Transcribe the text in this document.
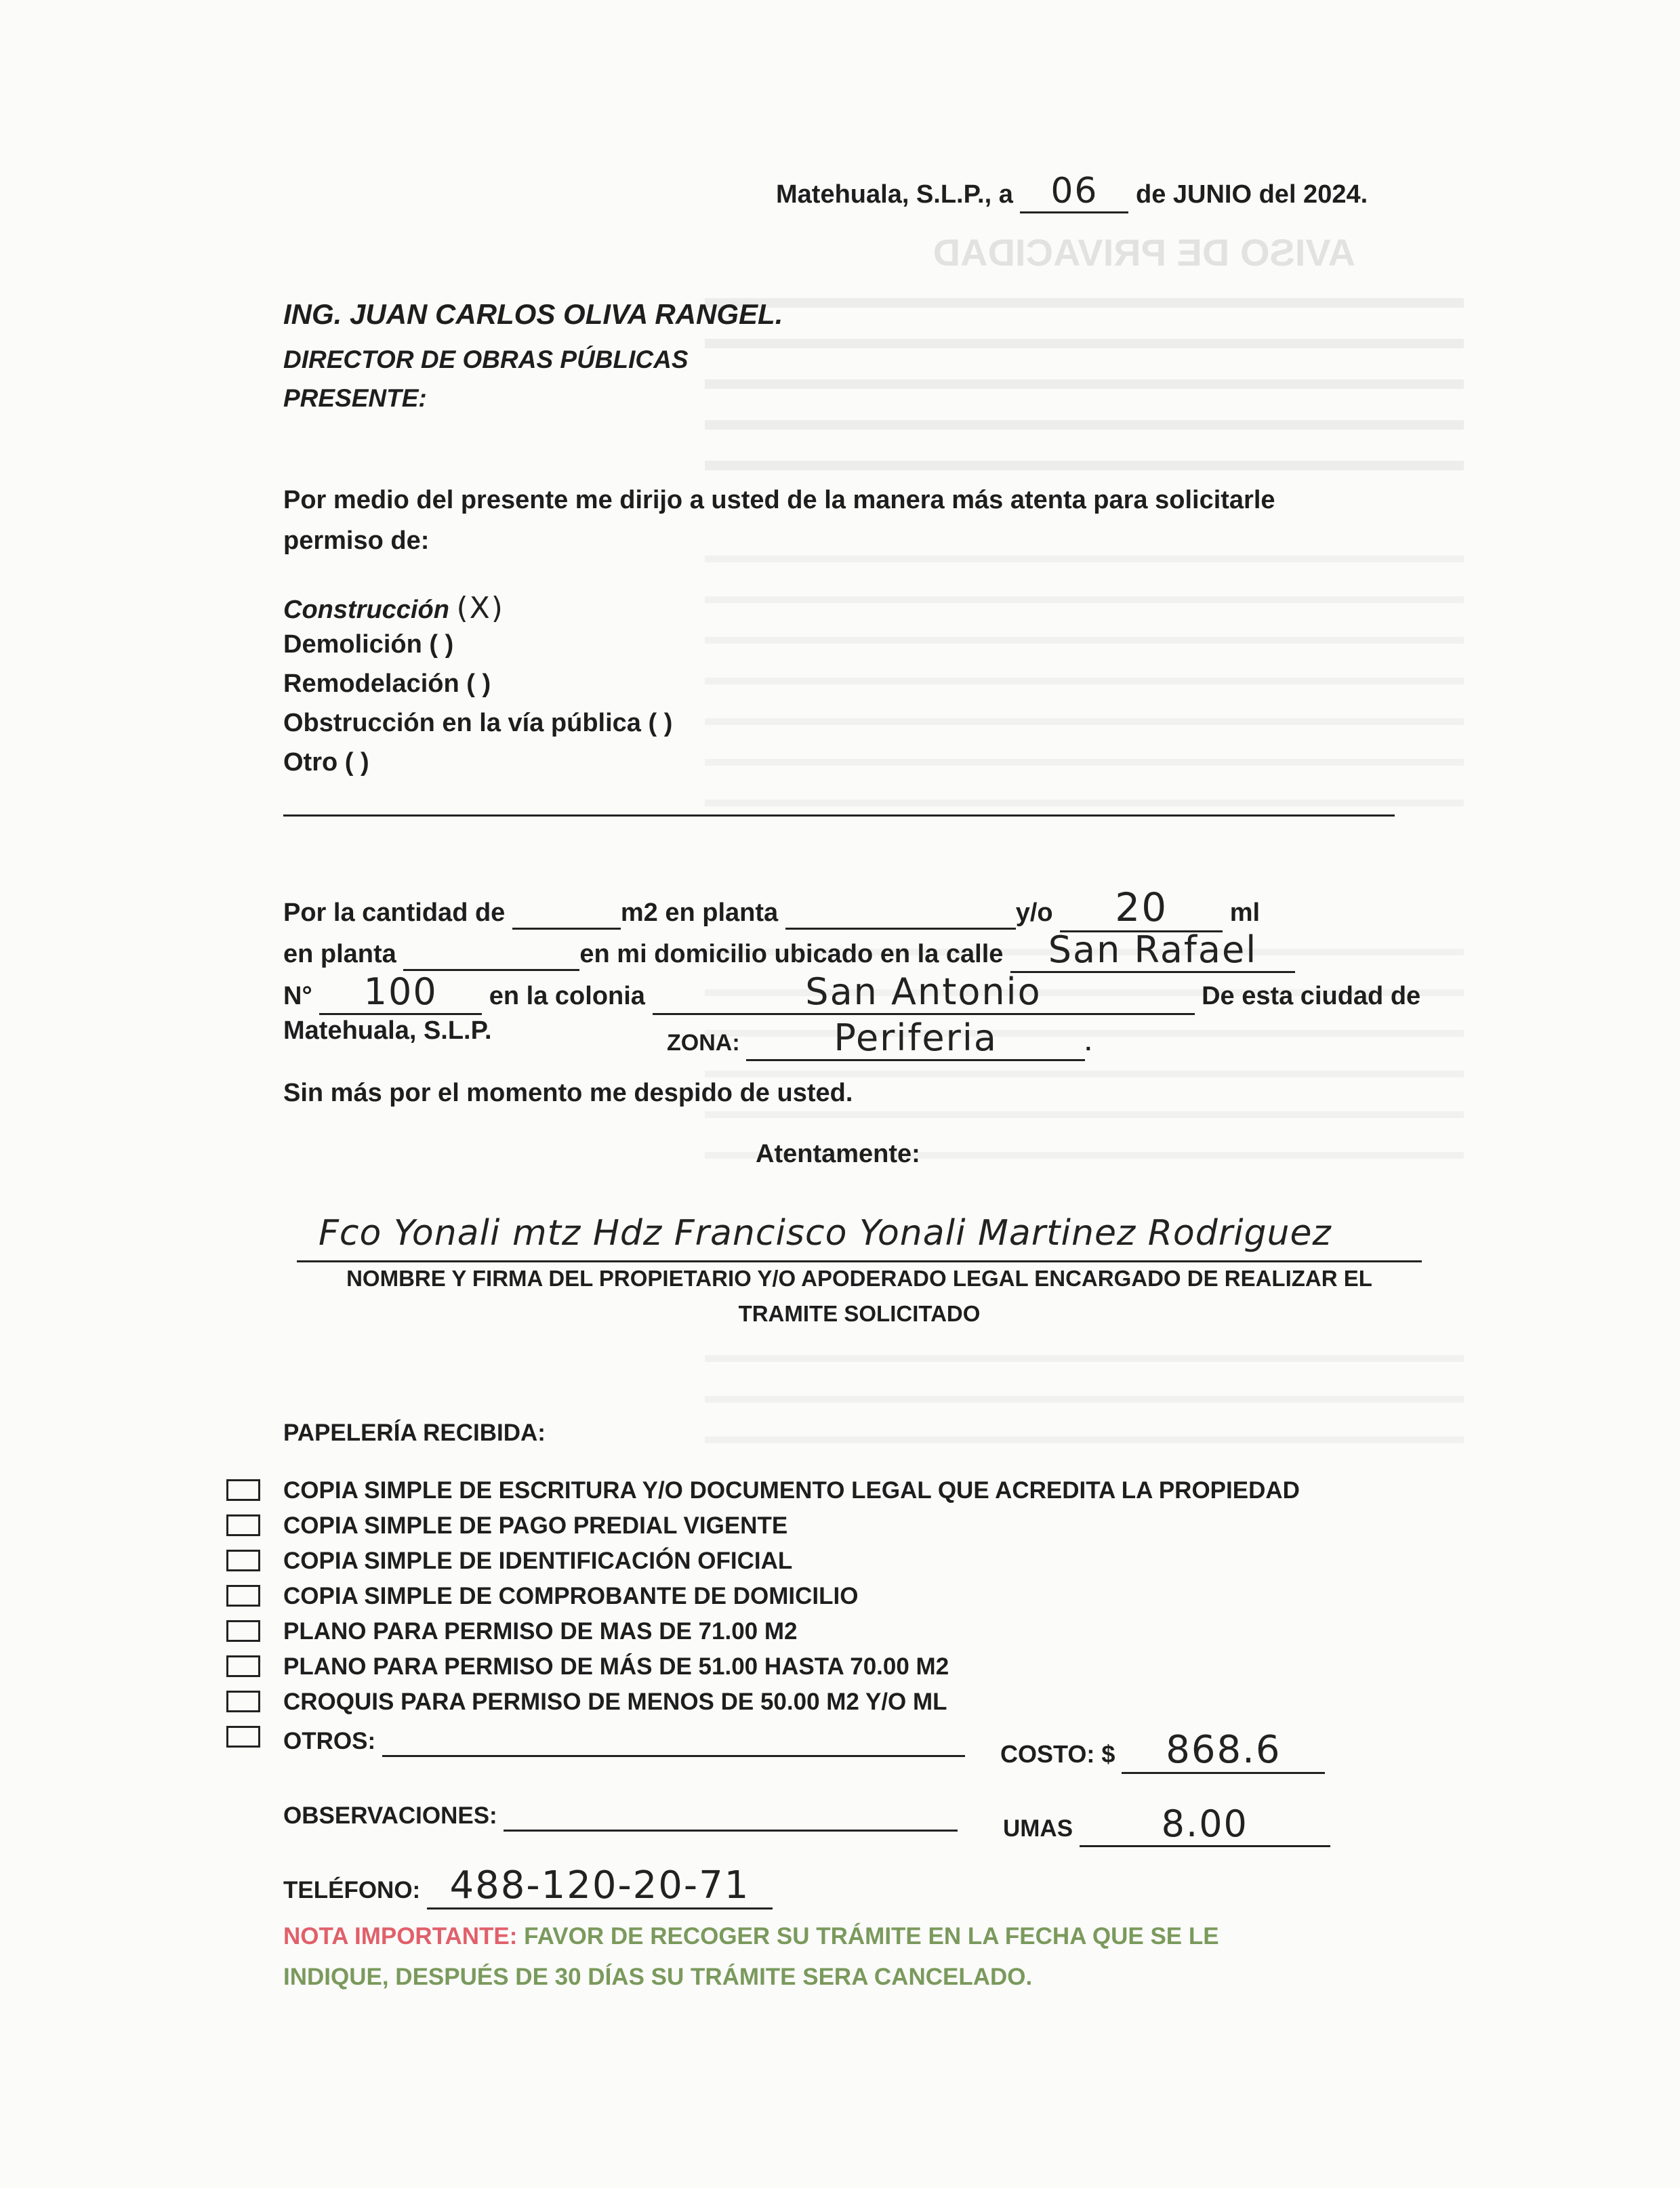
AVISO DE PRIVACIDAD
Matehuala, S.L.P., a 06 de JUNIO del 2024.
ING. JUAN CARLOS OLIVA RANGEL.
DIRECTOR DE OBRAS PÚBLICAS
PRESENTE:
Por medio del presente me dirijo a usted de la manera más atenta para solicitarle
permiso de:
Construcción (X)
Demolición ( )
Remodelación ( )
Obstrucción en la vía pública ( )
Otro ( )
Por la cantidad de	m2 en planta	y/o 20 ml
en planta	en mi domicilio ubicado en la calle San Rafael
N° 100 en la colonia	San Antonio	De esta ciudad de
Matehuala, S.L.P.	ZONA:	Periferia	.
Sin más por el momento me despido de usted.
Atentamente:
Fco Yonali mtz Hdz Francisco Yonali Martinez Rodriguez
NOMBRE Y FIRMA DEL PROPIETARIO Y/O APODERADO LEGAL ENCARGADO DE REALIZAR EL
TRAMITE SOLICITADO
PAPELERÍA RECIBIDA:
COPIA SIMPLE DE ESCRITURA Y/O DOCUMENTO LEGAL QUE ACREDITA LA PROPIEDAD
COPIA SIMPLE DE PAGO PREDIAL VIGENTE
COPIA SIMPLE DE IDENTIFICACIÓN OFICIAL
COPIA SIMPLE DE COMPROBANTE DE DOMICILIO
PLANO PARA PERMISO DE MAS DE 71.00 M2
PLANO PARA PERMISO DE MÁS DE 51.00 HASTA 70.00 M2
CROQUIS PARA PERMISO DE MENOS DE 50.00 M2 Y/O ML
OTROS:	COSTO: $ 868.6
OBSERVACIONES:	UMAS 8.00
TELÉFONO: 488-120-20-71
NOTA IMPORTANTE: FAVOR DE RECOGER SU TRÁMITE EN LA FECHA QUE SE LE
INDIQUE, DESPUÉS DE 30 DÍAS SU TRÁMITE SERA CANCELADO.
